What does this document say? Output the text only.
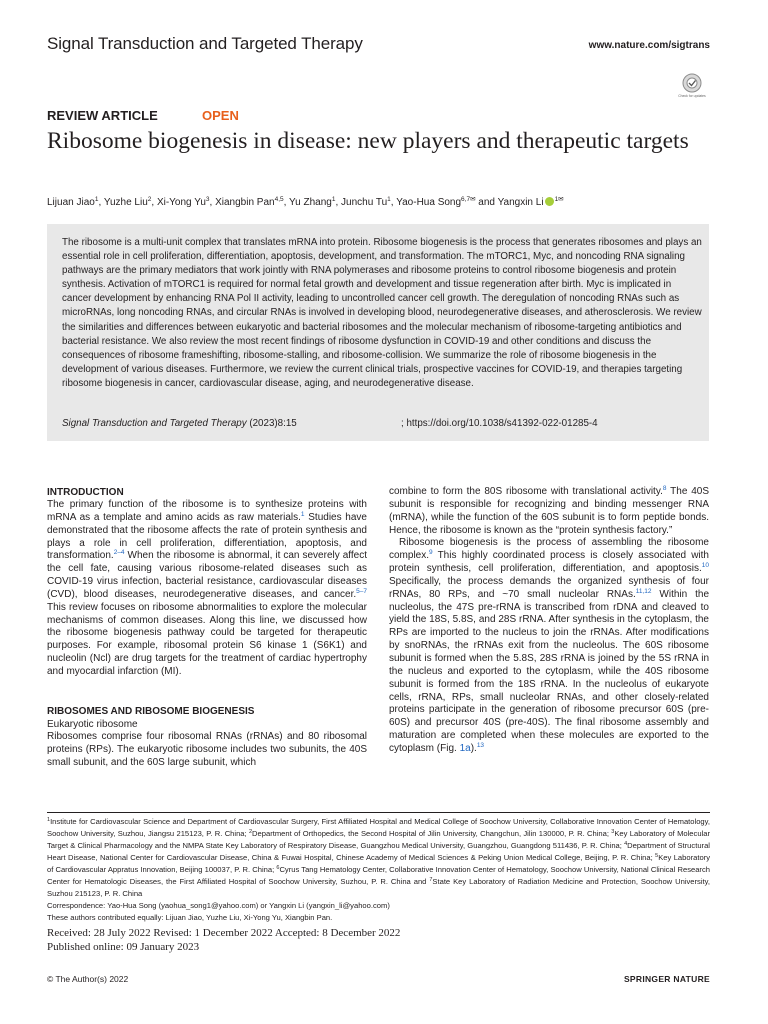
Signal Transduction and Targeted Therapy	www.nature.com/sigtrans
Check for updates
REVIEW ARTICLE	OPEN
Ribosome biogenesis in disease: new players and therapeutic targets
Lijuan Jiao$^1$, Yuzhe Liu$^2$, Xi-Yong Yu$^3$, Xiangbin Pan$^{4,5}$, Yu Zhang$^1$, Junchu Tu$^1$, Yao-Hua Song$^{6,7✉}$ and Yangxin Li $^{1✉}$

The ribosome is a multi-unit complex that translates mRNA into protein. Ribosome biogenesis is the process that generates ribosomes and plays an essential role in cell proliferation, differentiation, apoptosis, development, and transformation. The mTORC1, Myc, and noncoding RNA signaling pathways are the primary mediators that work jointly with RNA polymerases and ribosome proteins to control ribosome biogenesis and protein synthesis. Activation of mTORC1 is required for normal fetal growth and development and tissue regeneration after birth. Myc is implicated in cancer development by enhancing RNA Pol II activity, leading to uncontrolled cancer cell growth. The deregulation of noncoding RNAs such as microRNAs, long noncoding RNAs, and circular RNAs is involved in developing blood, neurodegenerative diseases, and atherosclerosis. We review the similarities and differences between eukaryotic and bacterial ribosomes and the molecular mechanism of ribosome-targeting antibiotics and bacterial resistance. We also review the most recent findings of ribosome dysfunction in COVID-19 and other conditions and discuss the consequences of ribosome frameshifting, ribosome-stalling, and ribosome-collision. We summarize the role of ribosome biogenesis in the development of various diseases. Furthermore, we review the current clinical trials, prospective vaccines for COVID-19, and therapies targeting ribosome biogenesis in cancer, cardiovascular disease, aging, and neurodegenerative disease.

Signal Transduction and Targeted Therapy (2023)8:15	; https://doi.org/10.1038/s41392-022-01285-4
INTRODUCTION
The primary function of the ribosome is to synthesize proteins with mRNA as a template and amino acids as raw materials.$^1$ Studies have demonstrated that the ribosome affects the rate of protein synthesis and plays a role in cell proliferation, differentiation, apoptosis, and transformation.$^{2-4}$ When the ribosome is abnormal, it can severely affect the cell fate, causing various ribosome-related diseases such as COVID-19 virus infection, bacterial resistance, cardiovascular diseases (CVD), blood diseases, neurodegenerative diseases, and cancer.$^{5-7}$ This review focuses on ribosome abnormalities to explore the molecular mechanisms of common diseases. Along this line, we discussed how the ribosome biogenesis pathway could be targeted for therapeutic purposes. For example, ribosomal protein S6 kinase 1 (S6K1) and nucleolin (Ncl) are drug targets for the treatment of cardiac hypertrophy and myocardial infarction (MI).
RIBOSOMES AND RIBOSOME BIOGENESIS
Eukaryotic ribosome
Ribosomes comprise four ribosomal RNAs (rRNAs) and 80 ribosomal proteins (RPs). The eukaryotic ribosome includes two subunits, the 40S small subunit, and the 60S large subunit, which
combine to form the 80S ribosome with translational activity.$^8$ The 40S subunit is responsible for recognizing and binding messenger RNA (mRNA), while the function of the 60S subunit is to form peptide bonds. Hence, the ribosome is known as the “protein synthesis factory.”
Ribosome biogenesis is the process of assembling the ribosome complex.$^9$ This highly coordinated process is closely associated with protein synthesis, cell proliferation, differentiation, and apoptosis.$^{10}$ Specifically, the process demands the organized synthesis of four rRNAs, 80 RPs, and ~70 small nucleolar RNAs.$^{11,12}$ Within the nucleolus, the 47S pre-rRNA is transcribed from rDNA and cleaved to yield the 18S, 5.8S, and 28S rRNA. After synthesis in the cytoplasm, the RPs are imported to the nucleus to join the rRNAs. After modifications by snoRNAs, the rRNAs exit from the nucleolus. The 60S ribosome subunit is formed when the 5.8S, 28S rRNA is joined by the 5S rRNA in the nucleus and exported to the cytoplasm, while the 40S ribosome subunit is formed from the 18S rRNA. In the nucleolus of eukaryote cells, rRNA, RPs, small nucleolar RNAs, and other closely-related proteins participate in the generation of ribosome precursor 60S (pre-60S) and precursor 40S (pre-40S). The final ribosome assembly and maturation are completed when these molecules are exported to the cytoplasm (Fig. 1a).$^{13}$
$^1$Institute for Cardiovascular Science and Department of Cardiovascular Surgery, First Affiliated Hospital and Medical College of Soochow University, Collaborative Innovation Center of Hematology, Soochow University, Suzhou, Jiangsu 215123, P. R. China; $^2$Department of Orthopedics, the Second Hospital of Jilin University, Changchun, Jilin 130000, P. R. China; $^3$Key Laboratory of Molecular Target & Clinical Pharmacology and the NMPA State Key Laboratory of Respiratory Disease, Guangzhou Medical University, Guangzhou, Guangdong 511436, P. R. China; $^4$Department of Structural Heart Disease, National Center for Cardiovascular Disease, China & Fuwai Hospital, Chinese Academy of Medical Sciences & Peking Union Medical College, Beijing, P. R. China; $^5$Key Laboratory of Cardiovascular Appratus Innovation, Beijing 100037, P. R. China; $^6$Cyrus Tang Hematology Center, Collaborative Innovation Center of Hematology, Soochow University, National Clinical Research Center for Hematologic Diseases, the First Affiliated Hospital of Soochow University, Suzhou, P. R. China and $^7$State Key Laboratory of Radiation Medicine and Protection, Soochow University, Suzhou 215123, P. R. China
Correspondence: Yao-Hua Song (yaohua_song1@yahoo.com) or Yangxin Li (yangxin_li@yahoo.com)
These authors contributed equally: Lijuan Jiao, Yuzhe Liu, Xi-Yong Yu, Xiangbin Pan.
Received: 28 July 2022 Revised: 1 December 2022 Accepted: 8 December 2022
Published online: 09 January 2023
© The Author(s) 2022	SPRINGER NATURE
